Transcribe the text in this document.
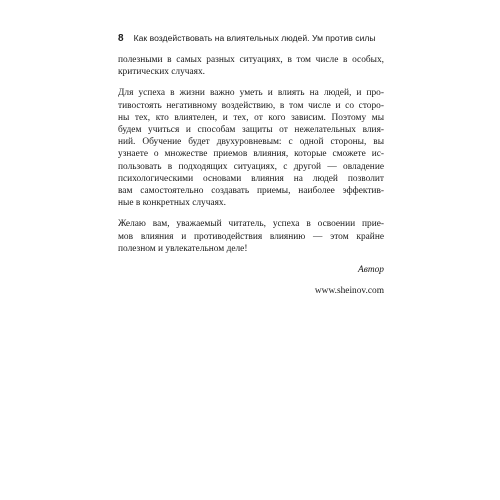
8 Как воздействовать на влиятельных людей. Ум против силы

полезными в самых разных ситуациях, в том числе в особых,
критических случаях.

Для успеха в жизни важно уметь и влиять на людей, и про-
тивостоять негативному воздействию, в том числе и со сторо-
ны тех, кто влиятелен, и тех, от кого зависим. Поэтому мы
будем учиться и способам защиты от нежелательных влия-
ний. Обучение будет двухуровневым: с одной стороны, вы
узнаете о множестве приемов влияния, которые сможете ис-
пользовать в подходящих ситуациях, с другой — овладение
психологическими основами влияния на людей позволит
вам самостоятельно создавать приемы, наиболее эффектив-
ные в конкретных случаях.

Желаю вам, уважаемый читатель, успеха в освоении прие-
мов влияния и противодействия влиянию — этом крайне
полезном и увлекательном деле!

Автор

www.sheinov.com
